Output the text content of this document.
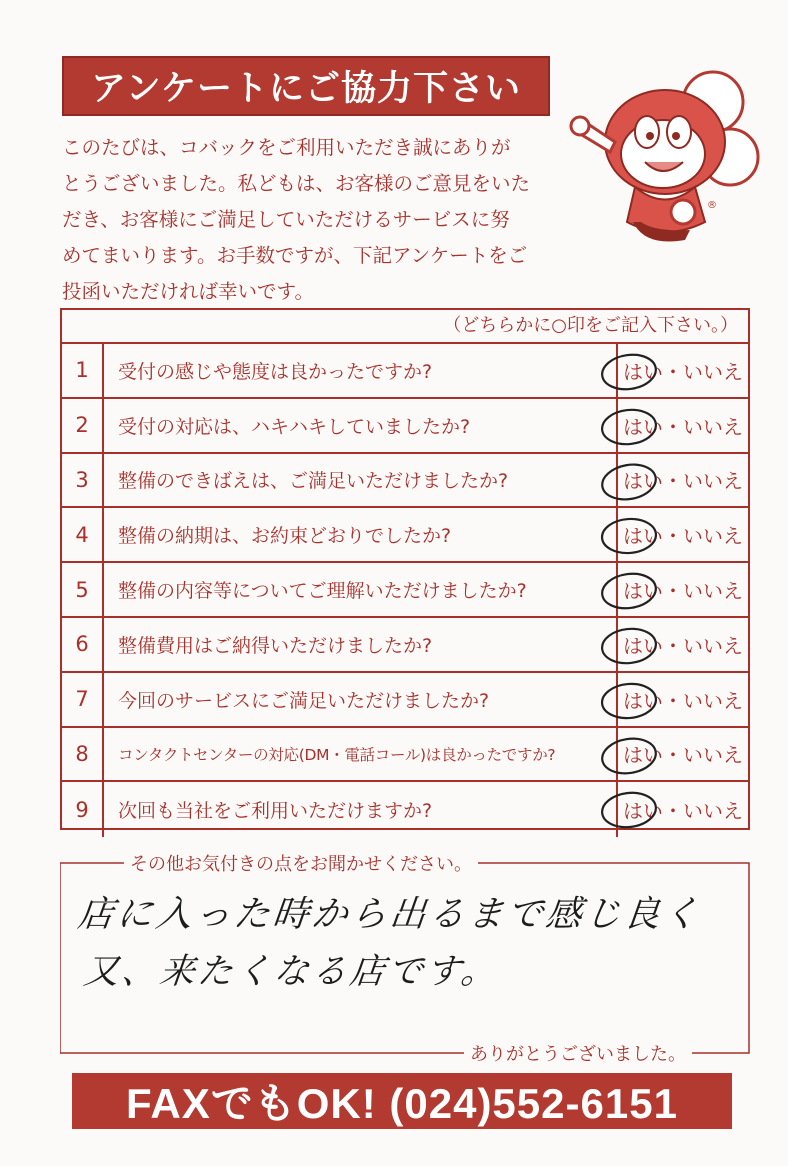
アンケートにご協力下さい
このたびは、コバックをご利用いただき誠にありが
とうございました。私どもは、お客様のご意見をいた
だき、お客様にご満足していただけるサービスに努
めてまいります。お手数ですが、下記アンケートをご
投函いただければ幸いです。
®
（どちらかに○印をご記入下さい。）
1	受付の感じや態度は良かったですか?	はい・いいえ
2	受付の対応は、ハキハキしていましたか?	はい・いいえ
3	整備のできばえは、ご満足いただけましたか?	はい・いいえ
4	整備の納期は、お約束どおりでしたか?	はい・いいえ
5	整備の内容等についてご理解いただけましたか?	はい・いいえ
6	整備費用はご納得いただけましたか?	はい・いいえ
7	今回のサービスにご満足いただけましたか?	はい・いいえ
8	コンタクトセンターの対応(DM・電話コール)は良かったですか?	はい・いいえ
9	次回も当社をご利用いただけますか?	はい・いいえ
その他お気付きの点をお聞かせください。
店に入った時から出るまで感じ良く
又、来たくなる店です。
ありがとうございました。
FAXでもOK! (024)552-6151
